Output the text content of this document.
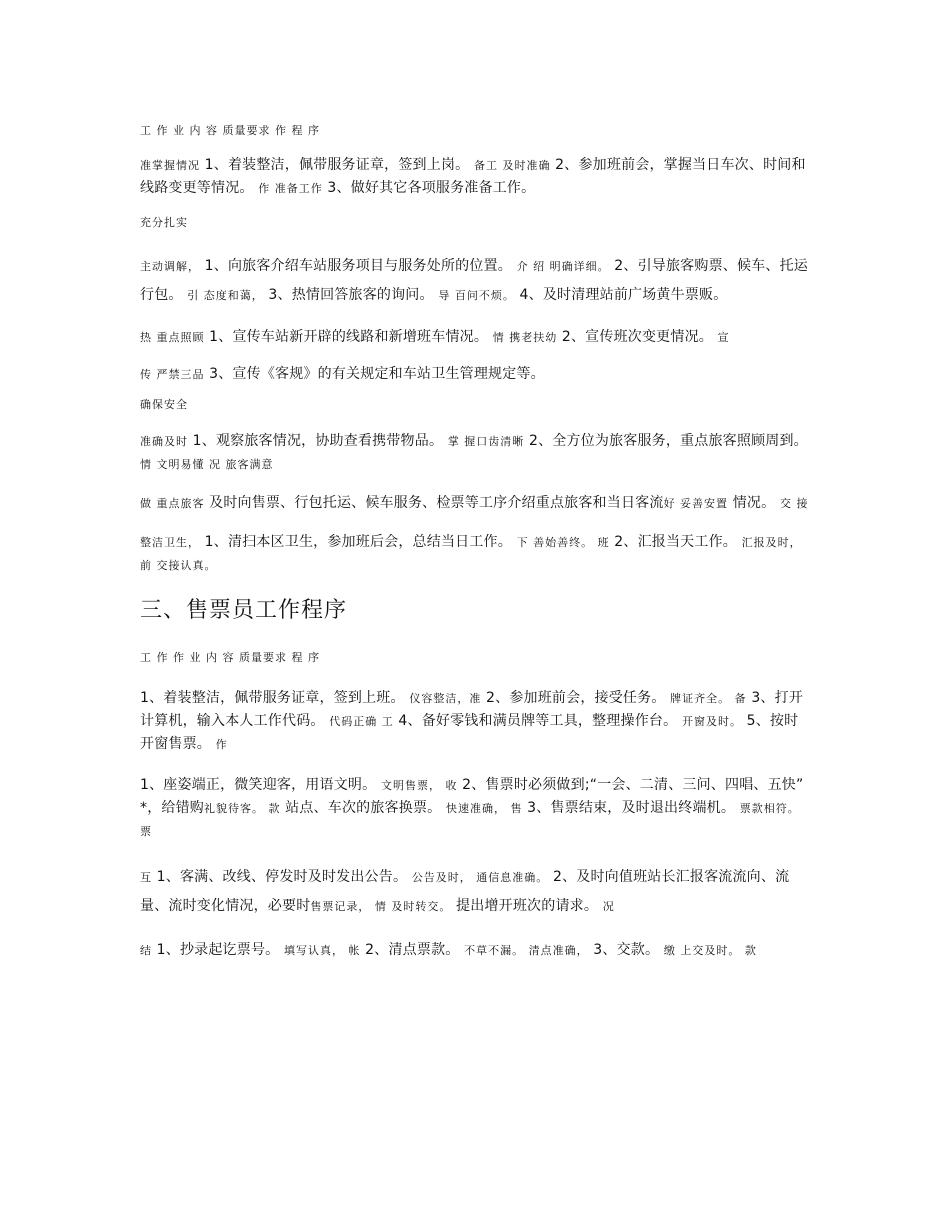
工 作 业 内 容 质量要求 作 程 序
准掌握情况 1、着装整洁，佩带服务证章，签到上岗。 备工 及时准确 2、参加班前会，掌握当日车次、时间和线路变更等情况。 作 准备工作 3、做好其它各项服务准备工作。
充分扎实
主动调解， 1、向旅客介绍车站服务项目与服务处所的位置。 介 绍 明确详细。 2、引导旅客购票、候车、托运行包。 引 态度和蔼， 3、热情回答旅客的询问。 导 百问不烦。 4、及时清理站前广场黄牛票贩。
热 重点照顾 1、宣传车站新开辟的线路和新增班车情况。 情 携老扶幼 2、宣传班次变更情况。 宣
传 严禁三品 3、宣传《客规》的有关规定和车站卫生管理规定等。
确保安全
准确及时 1、观察旅客情况，协助查看携带物品。 掌 握口齿清晰 2、全方位为旅客服务，重点旅客照顾周到。 情 文明易懂 况 旅客满意
做 重点旅客 及时向售票、行包托运、候车服务、检票等工序介绍重点旅客和当日客流好 妥善安置 情况。 交 接
整洁卫生， 1、清扫本区卫生，参加班后会，总结当日工作。 下 善始善终。 班 2、汇报当天工作。 汇报及时， 前 交接认真。
三、售票员工作程序
工 作 作 业 内 容 质量要求 程 序
1、着装整洁，佩带服务证章，签到上班。 仪容整洁，准 2、参加班前会，接受任务。 牌证齐全。 备 3、打开计算机，输入本人工作代码。 代码正确 工 4、备好零钱和满员牌等工具，整理操作台。 开窗及时。 5、按时开窗售票。 作
1、座姿端正，微笑迎客，用语文明。 文明售票， 收 2、售票时必须做到;“一会、二清、三问、四唱、五快” *，给错购礼貌待客。 款 站点、车次的旅客换票。 快速准确， 售 3、售票结束，及时退出终端机。 票款相符。 票
互 1、客满、改线、停发时及时发出公告。 公告及时， 通信息准确。 2、及时向值班站长汇报客流流向、流量、流时变化情况，必要时售票记录， 情 及时转交。 提出增开班次的请求。 况
结 1、抄录起讫票号。 填写认真， 帐 2、清点票款。 不草不漏。 清点准确， 3、交款。 缴 上交及时。 款
